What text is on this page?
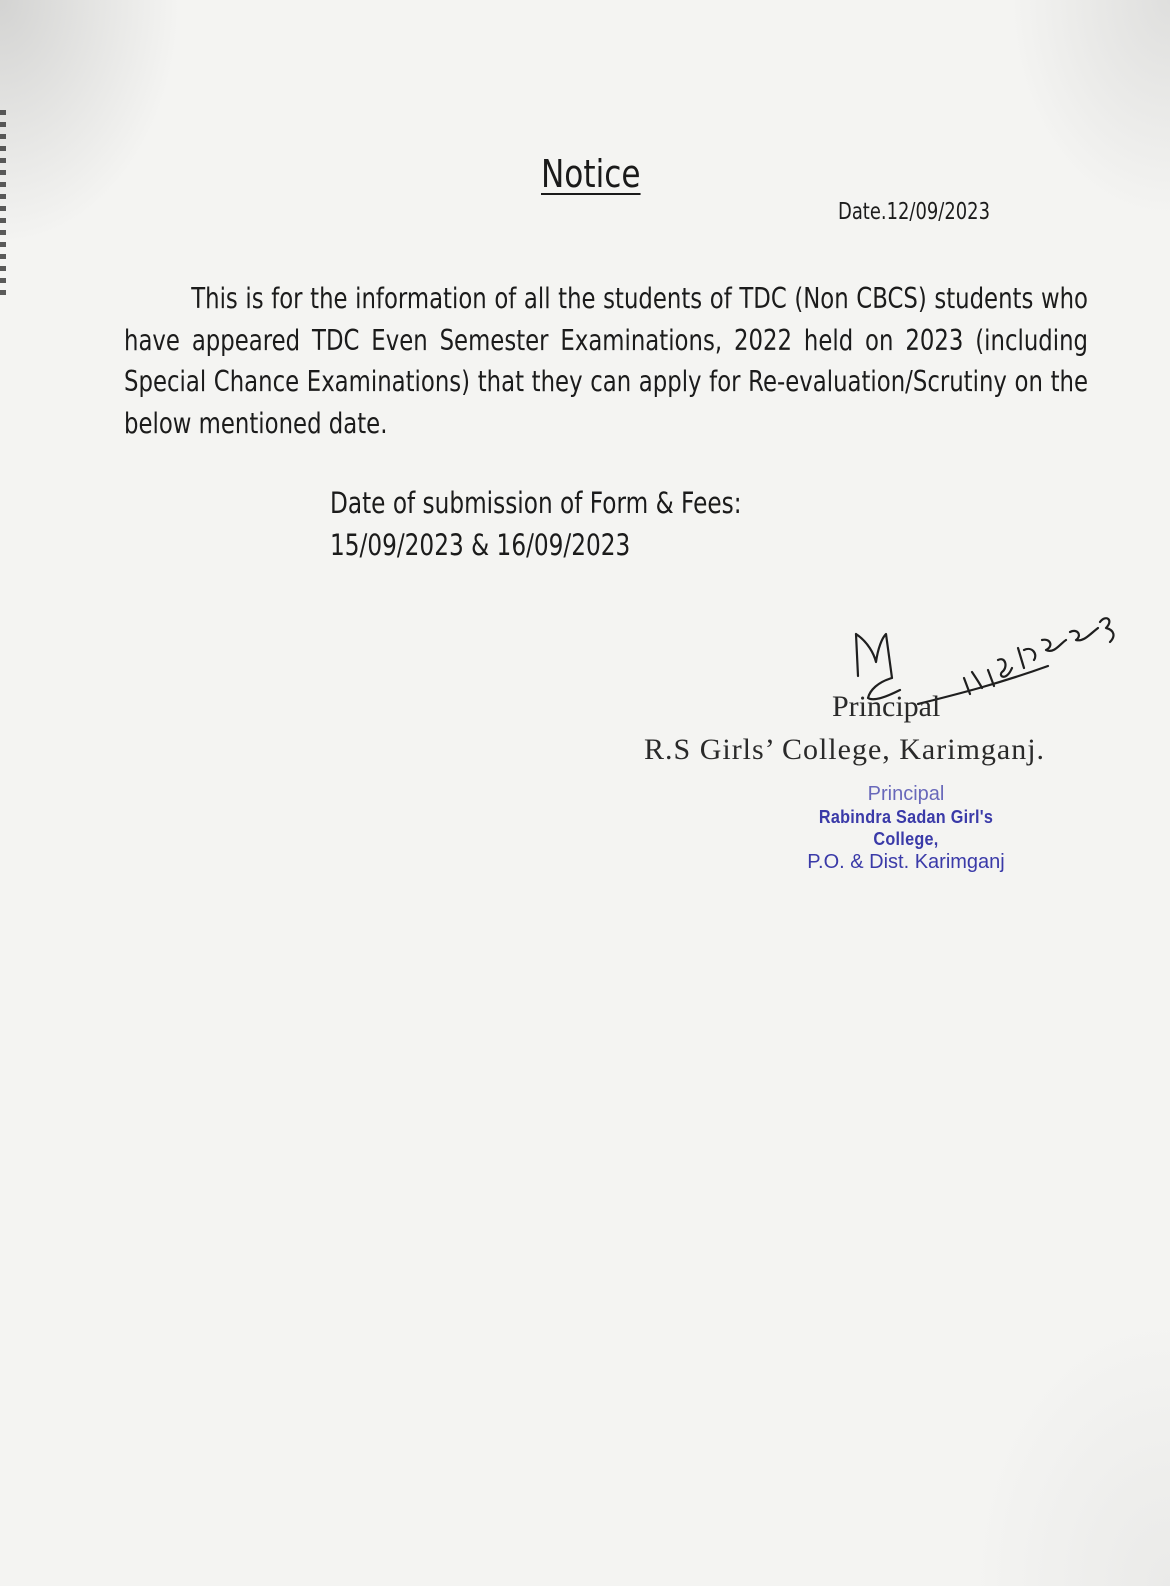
Notice
Date.12/09/2023

This is for the information of all the students of TDC (Non CBCS) students who have appeared TDC Even Semester Examinations, 2022 held on 2023 (including Special Chance Examinations) that they can apply for Re-evaluation/Scrutiny on the below mentioned date.

Date of submission of Form & Fees:
15/09/2023 & 16/09/2023
Principal
R.S Girls’ College, Karimganj.
Principal
Rabindra Sadan Girl's College,
P.O. & Dist. Karimganj
